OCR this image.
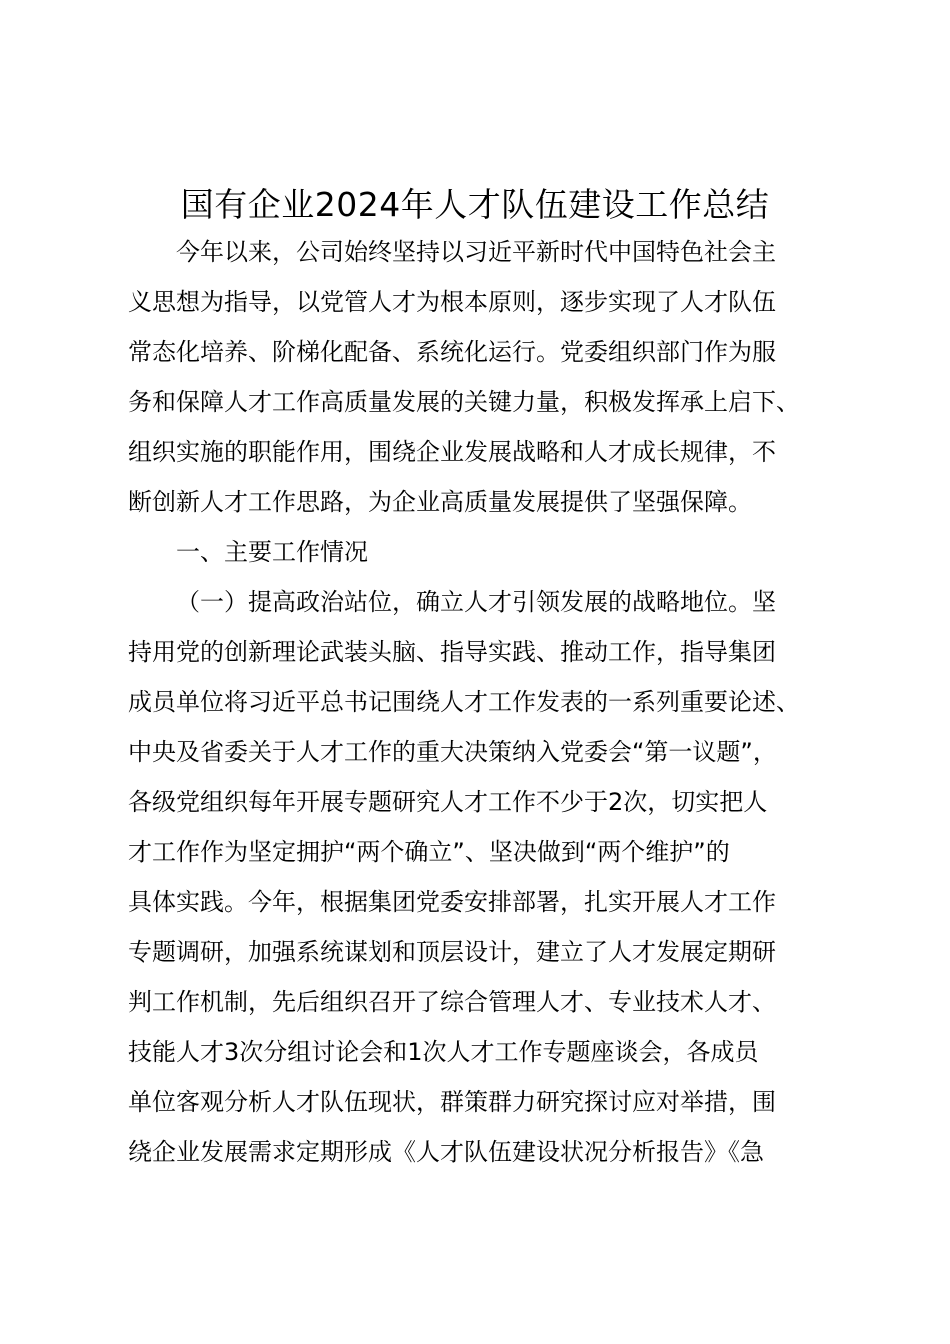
国有企业2024年人才队伍建设工作总结
今年以来，公司始终坚持以习近平新时代中国特色社会主
义思想为指导，以党管人才为根本原则，逐步实现了人才队伍
常态化培养、阶梯化配备、系统化运行。党委组织部门作为服
务和保障人才工作高质量发展的关键力量，积极发挥承上启下、
组织实施的职能作用，围绕企业发展战略和人才成长规律，不
断创新人才工作思路，为企业高质量发展提供了坚强保障。
一、主要工作情况
（一）提高政治站位，确立人才引领发展的战略地位。坚
持用党的创新理论武装头脑、指导实践、推动工作，指导集团
成员单位将习近平总书记围绕人才工作发表的一系列重要论述、
中央及省委关于人才工作的重大决策纳入党委会“第一议题”，
各级党组织每年开展专题研究人才工作不少于2次，切实把人
才工作作为坚定拥护“两个确立”、坚决做到“两个维护”的
具体实践。今年，根据集团党委安排部署，扎实开展人才工作
专题调研，加强系统谋划和顶层设计，建立了人才发展定期研
判工作机制，先后组织召开了综合管理人才、专业技术人才、
技能人才3次分组讨论会和1次人才工作专题座谈会，各成员
单位客观分析人才队伍现状，群策群力研究探讨应对举措，围
绕企业发展需求定期形成《人才队伍建设状况分析报告》《急
